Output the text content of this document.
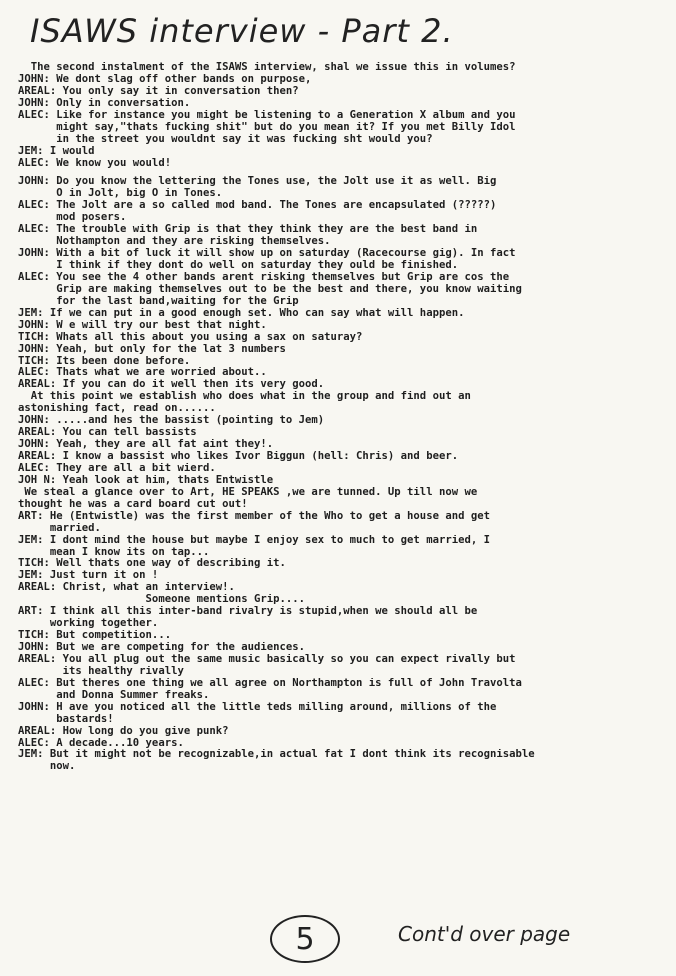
ISAWS interview - Part 2.
The second instalment of the ISAWS interview, shal we issue this in volumes?
JOHN: We dont slag off other bands on purpose,
AREAL: You only say it in conversation then?
JOHN: Only in conversation.
ALEC: Like for instance you might be listening to a Generation X album and you
might say,"thats fucking shit" but do you mean it? If you met Billy Idol
in the street you wouldnt say it was fucking sht would you?
JEM: I would
ALEC: We know you would!
JOHN: Do you know the lettering the Tones use, the Jolt use it as well. Big
O in Jolt, big O in Tones.
ALEC: The Jolt are a so called mod band. The Tones are encapsulated (?????)
mod posers.
ALEC: The trouble with Grip is that they think they are the best band in
Nothampton and they are risking themselves.
JOHN: With a bit of luck it will show up on saturday (Racecourse gig). In fact
I think if they dont do well on saturday they ould be finished.
ALEC: You see the 4 other bands arent risking themselves but Grip are cos the
Grip are making themselves out to be the best and there, you know waiting
for the last band,waiting for the Grip
JEM: If we can put in a good enough set. Who can say what will happen.
JOHN: W e will try our best that night.
TICH: Whats all this about you using a sax on saturay?
JOHN: Yeah, but only for the lat 3 numbers
TICH: Its been done before.
ALEC: Thats what we are worried about..
AREAL: If you can do it well then its very good.
At this point we establish who does what in the group and find out an
astonishing fact, read on......
JOHN: .....and hes the bassist (pointing to Jem)
AREAL: You can tell bassists
JOHN: Yeah, they are all fat aint they!.
AREAL: I know a bassist who likes Ivor Biggun (hell: Chris) and beer.
ALEC: They are all a bit wierd.
JOH N: Yeah look at him, thats Entwistle
We steal a glance over to Art, HE SPEAKS ,we are tunned. Up till now we
thought he was a card board cut out!
ART: He (Entwistle) was the first member of the Who to get a house and get
married.
JEM: I dont mind the house but maybe I enjoy sex to much to get married, I
mean I know its on tap...
TICH: Well thats one way of describing it.
JEM: Just turn it on !
AREAL: Christ, what an interview!.
Someone mentions Grip....
ART: I think all this inter-band rivalry is stupid,when we should all be
working together.
TICH: But competition...
JOHN: But we are competing for the audiences.
AREAL: You all plug out the same music basically so you can expect rivally but
its healthy rivally
ALEC: But theres one thing we all agree on Northampton is full of John Travolta
and Donna Summer freaks.
JOHN: H ave you noticed all the little teds milling around, millions of the
bastards!
AREAL: How long do you give punk?
ALEC: A decade...10 years.
JEM: But it might not be recognizable,in actual fat I dont think its recognisable
now.
5	Cont'd over page
